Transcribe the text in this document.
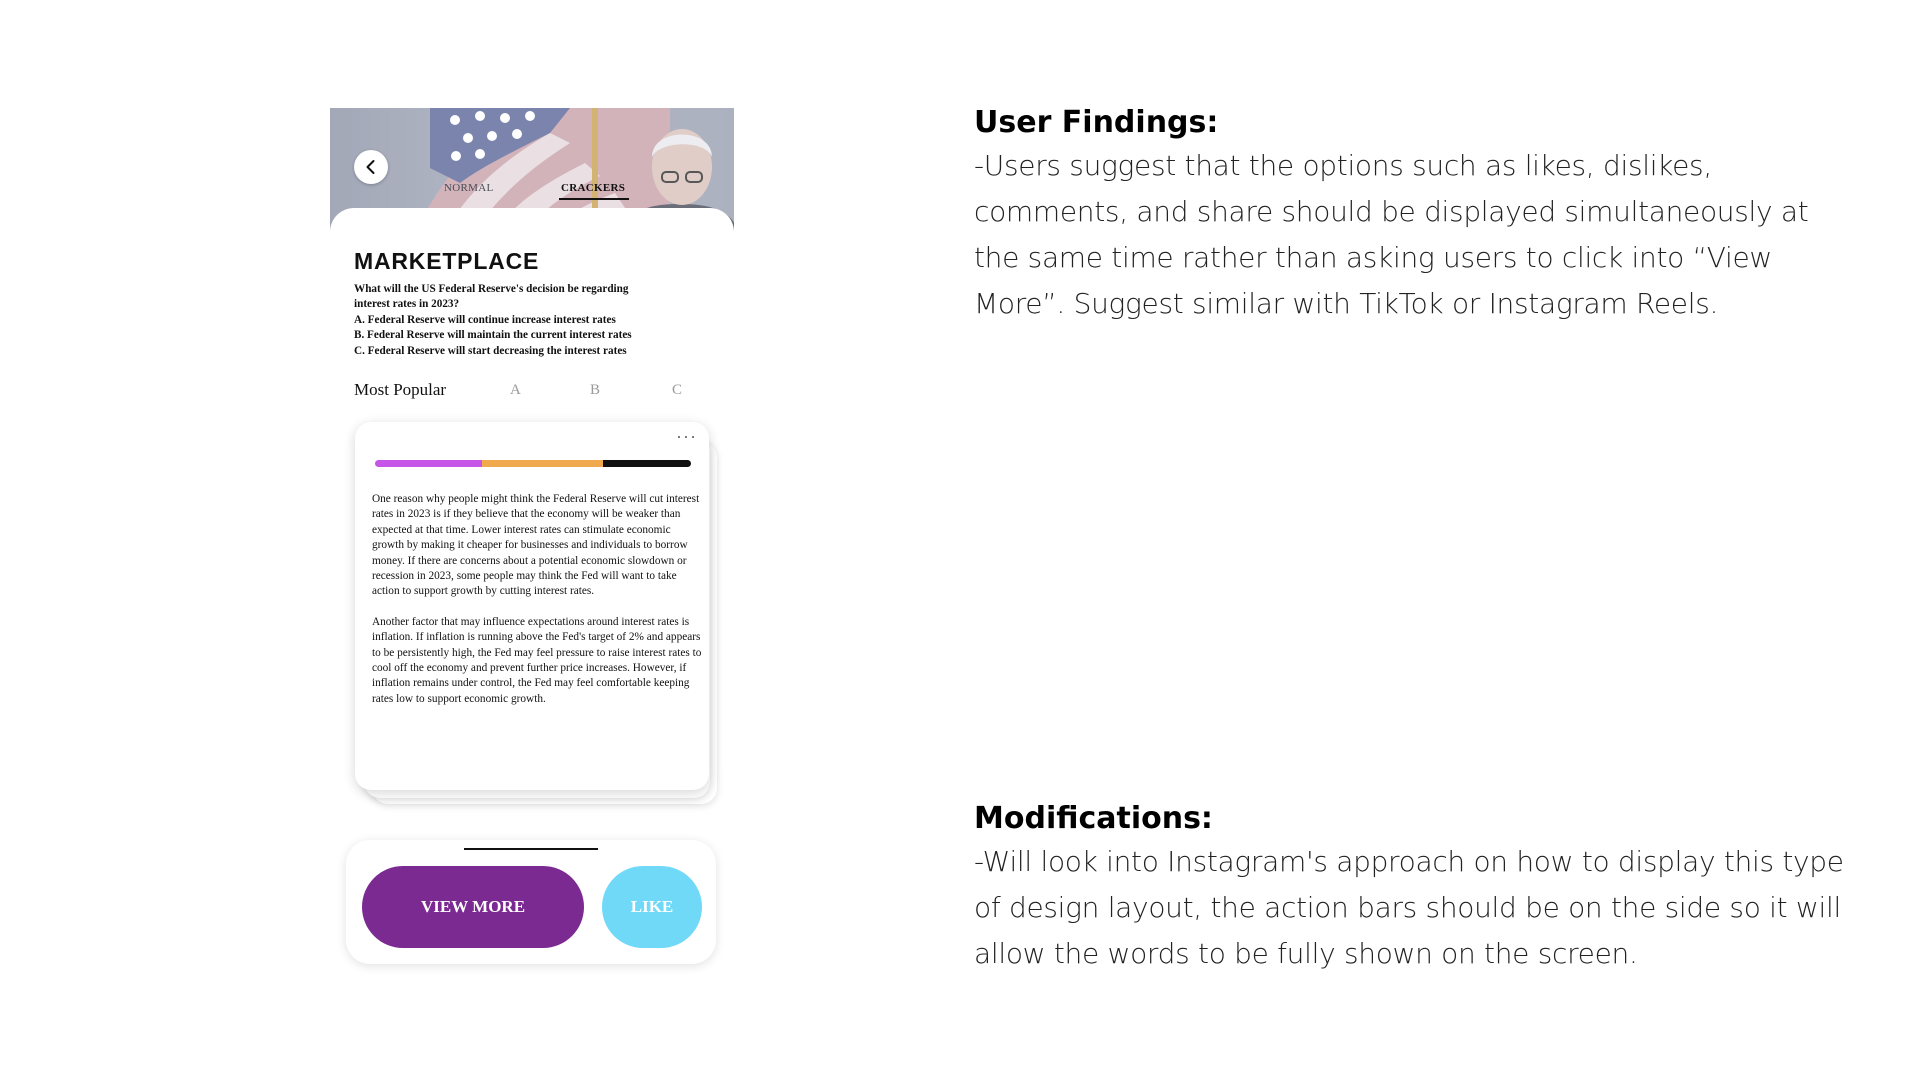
NORMAL	CRACKERS
MARKETPLACE
What will the US Federal Reserve's decision be regarding
interest rates in 2023?
A. Federal Reserve will continue increase interest rates
B. Federal Reserve will maintain the current interest rates
C. Federal Reserve will start decreasing the interest rates
Most Popular	A	B	C
···

One reason why people might think the Federal Reserve will cut interest rates in 2023 is if they believe that the economy will be weaker than expected at that time. Lower interest rates can stimulate economic growth by making it cheaper for businesses and individuals to borrow money. If there are concerns about a potential economic slowdown or recession in 2023, some people may think the Fed will want to take action to support growth by cutting interest rates.

Another factor that may influence expectations around interest rates is inflation. If inflation is running above the Fed's target of 2% and appears to be persistently high, the Fed may feel pressure to raise interest rates to cool off the economy and prevent further price increases. However, if inflation remains under control, the Fed may feel comfortable keeping rates low to support economic growth.

VIEW MORE	LIKE
User Findings:
-Users suggest that the options such as likes, dislikes, comments, and share should be displayed simultaneously at the same time rather than asking users to click into “View More”. Suggest similar with TikTok or Instagram Reels.
Modifications:
-Will look into Instagram's approach on how to display this type of design layout, the action bars should be on the side so it will allow the words to be fully shown on the screen.
